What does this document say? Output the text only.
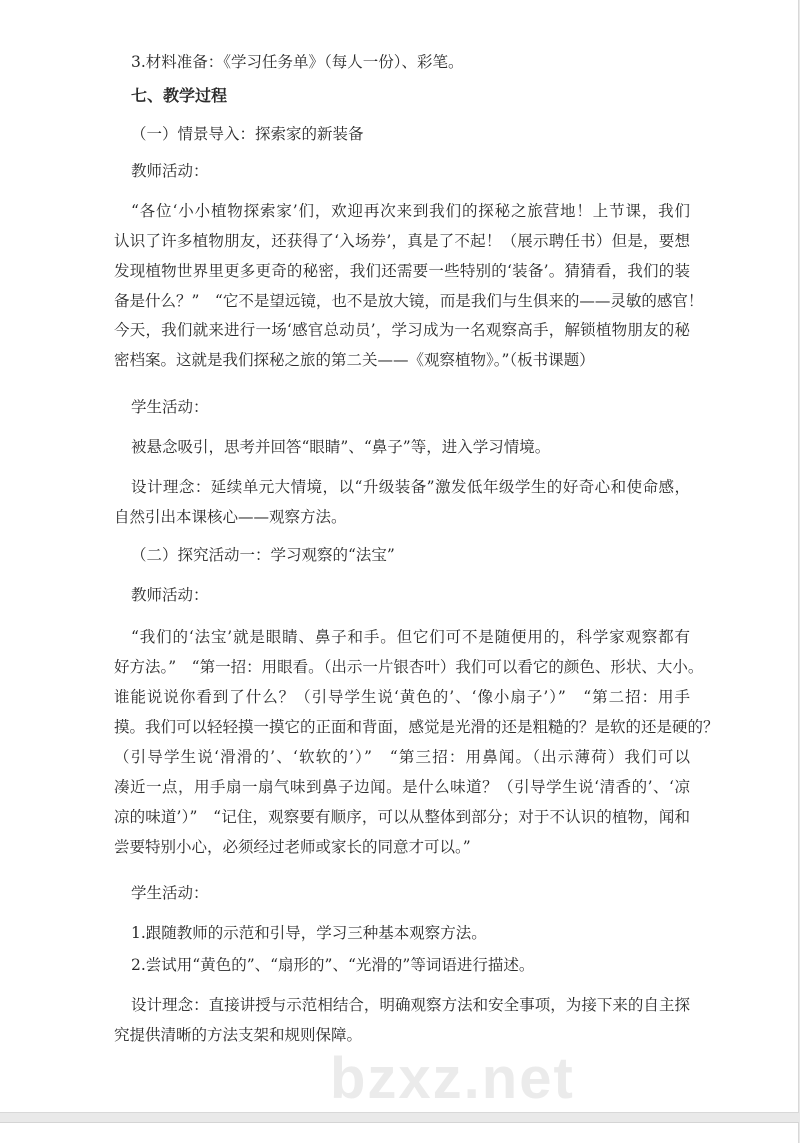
3.材料准备：《学习任务单》（每人一份）、彩笔。
七、教学过程
（一）情景导入：探索家的新装备
教师活动：
“各位‘小小植物探索家’们，欢迎再次来到我们的探秘之旅营地！上节课，我们
认识了许多植物朋友，还获得了‘入场券’，真是了不起！（展示聘任书）但是，要想
发现植物世界里更多更奇的秘密，我们还需要一些特别的‘装备’。猜猜看，我们的装
备是什么？”　“它不是望远镜，也不是放大镜，而是我们与生俱来的——灵敏的感官！
今天，我们就来进行一场‘感官总动员’，学习成为一名观察高手，解锁植物朋友的秘
密档案。这就是我们探秘之旅的第二关——《观察植物》。”（板书课题）
学生活动：
被悬念吸引，思考并回答“眼睛”、“鼻子”等，进入学习情境。
设计理念：延续单元大情境，以“升级装备”激发低年级学生的好奇心和使命感，
自然引出本课核心——观察方法。
（二）探究活动一：学习观察的“法宝”
教师活动：
“我们的‘法宝’就是眼睛、鼻子和手。但它们可不是随便用的，科学家观察都有
好方法。”　“第一招：用眼看。（出示一片银杏叶）我们可以看它的颜色、形状、大小。
谁能说说你看到了什么？（引导学生说‘黄色的’、‘像小扇子’）”　“第二招：用手
摸。我们可以轻轻摸一摸它的正面和背面，感觉是光滑的还是粗糙的？是软的还是硬的？
（引导学生说‘滑滑的’、‘软软的’）”　“第三招：用鼻闻。（出示薄荷）我们可以
凑近一点，用手扇一扇气味到鼻子边闻。是什么味道？（引导学生说‘清香的’、‘凉
凉的味道’）”　“记住，观察要有顺序，可以从整体到部分；对于不认识的植物，闻和
尝要特别小心，必须经过老师或家长的同意才可以。”
学生活动：
1.跟随教师的示范和引导，学习三种基本观察方法。
2.尝试用“黄色的”、“扇形的”、“光滑的”等词语进行描述。
设计理念：直接讲授与示范相结合，明确观察方法和安全事项，为接下来的自主探
究提供清晰的方法支架和规则保障。
bzxz.net
